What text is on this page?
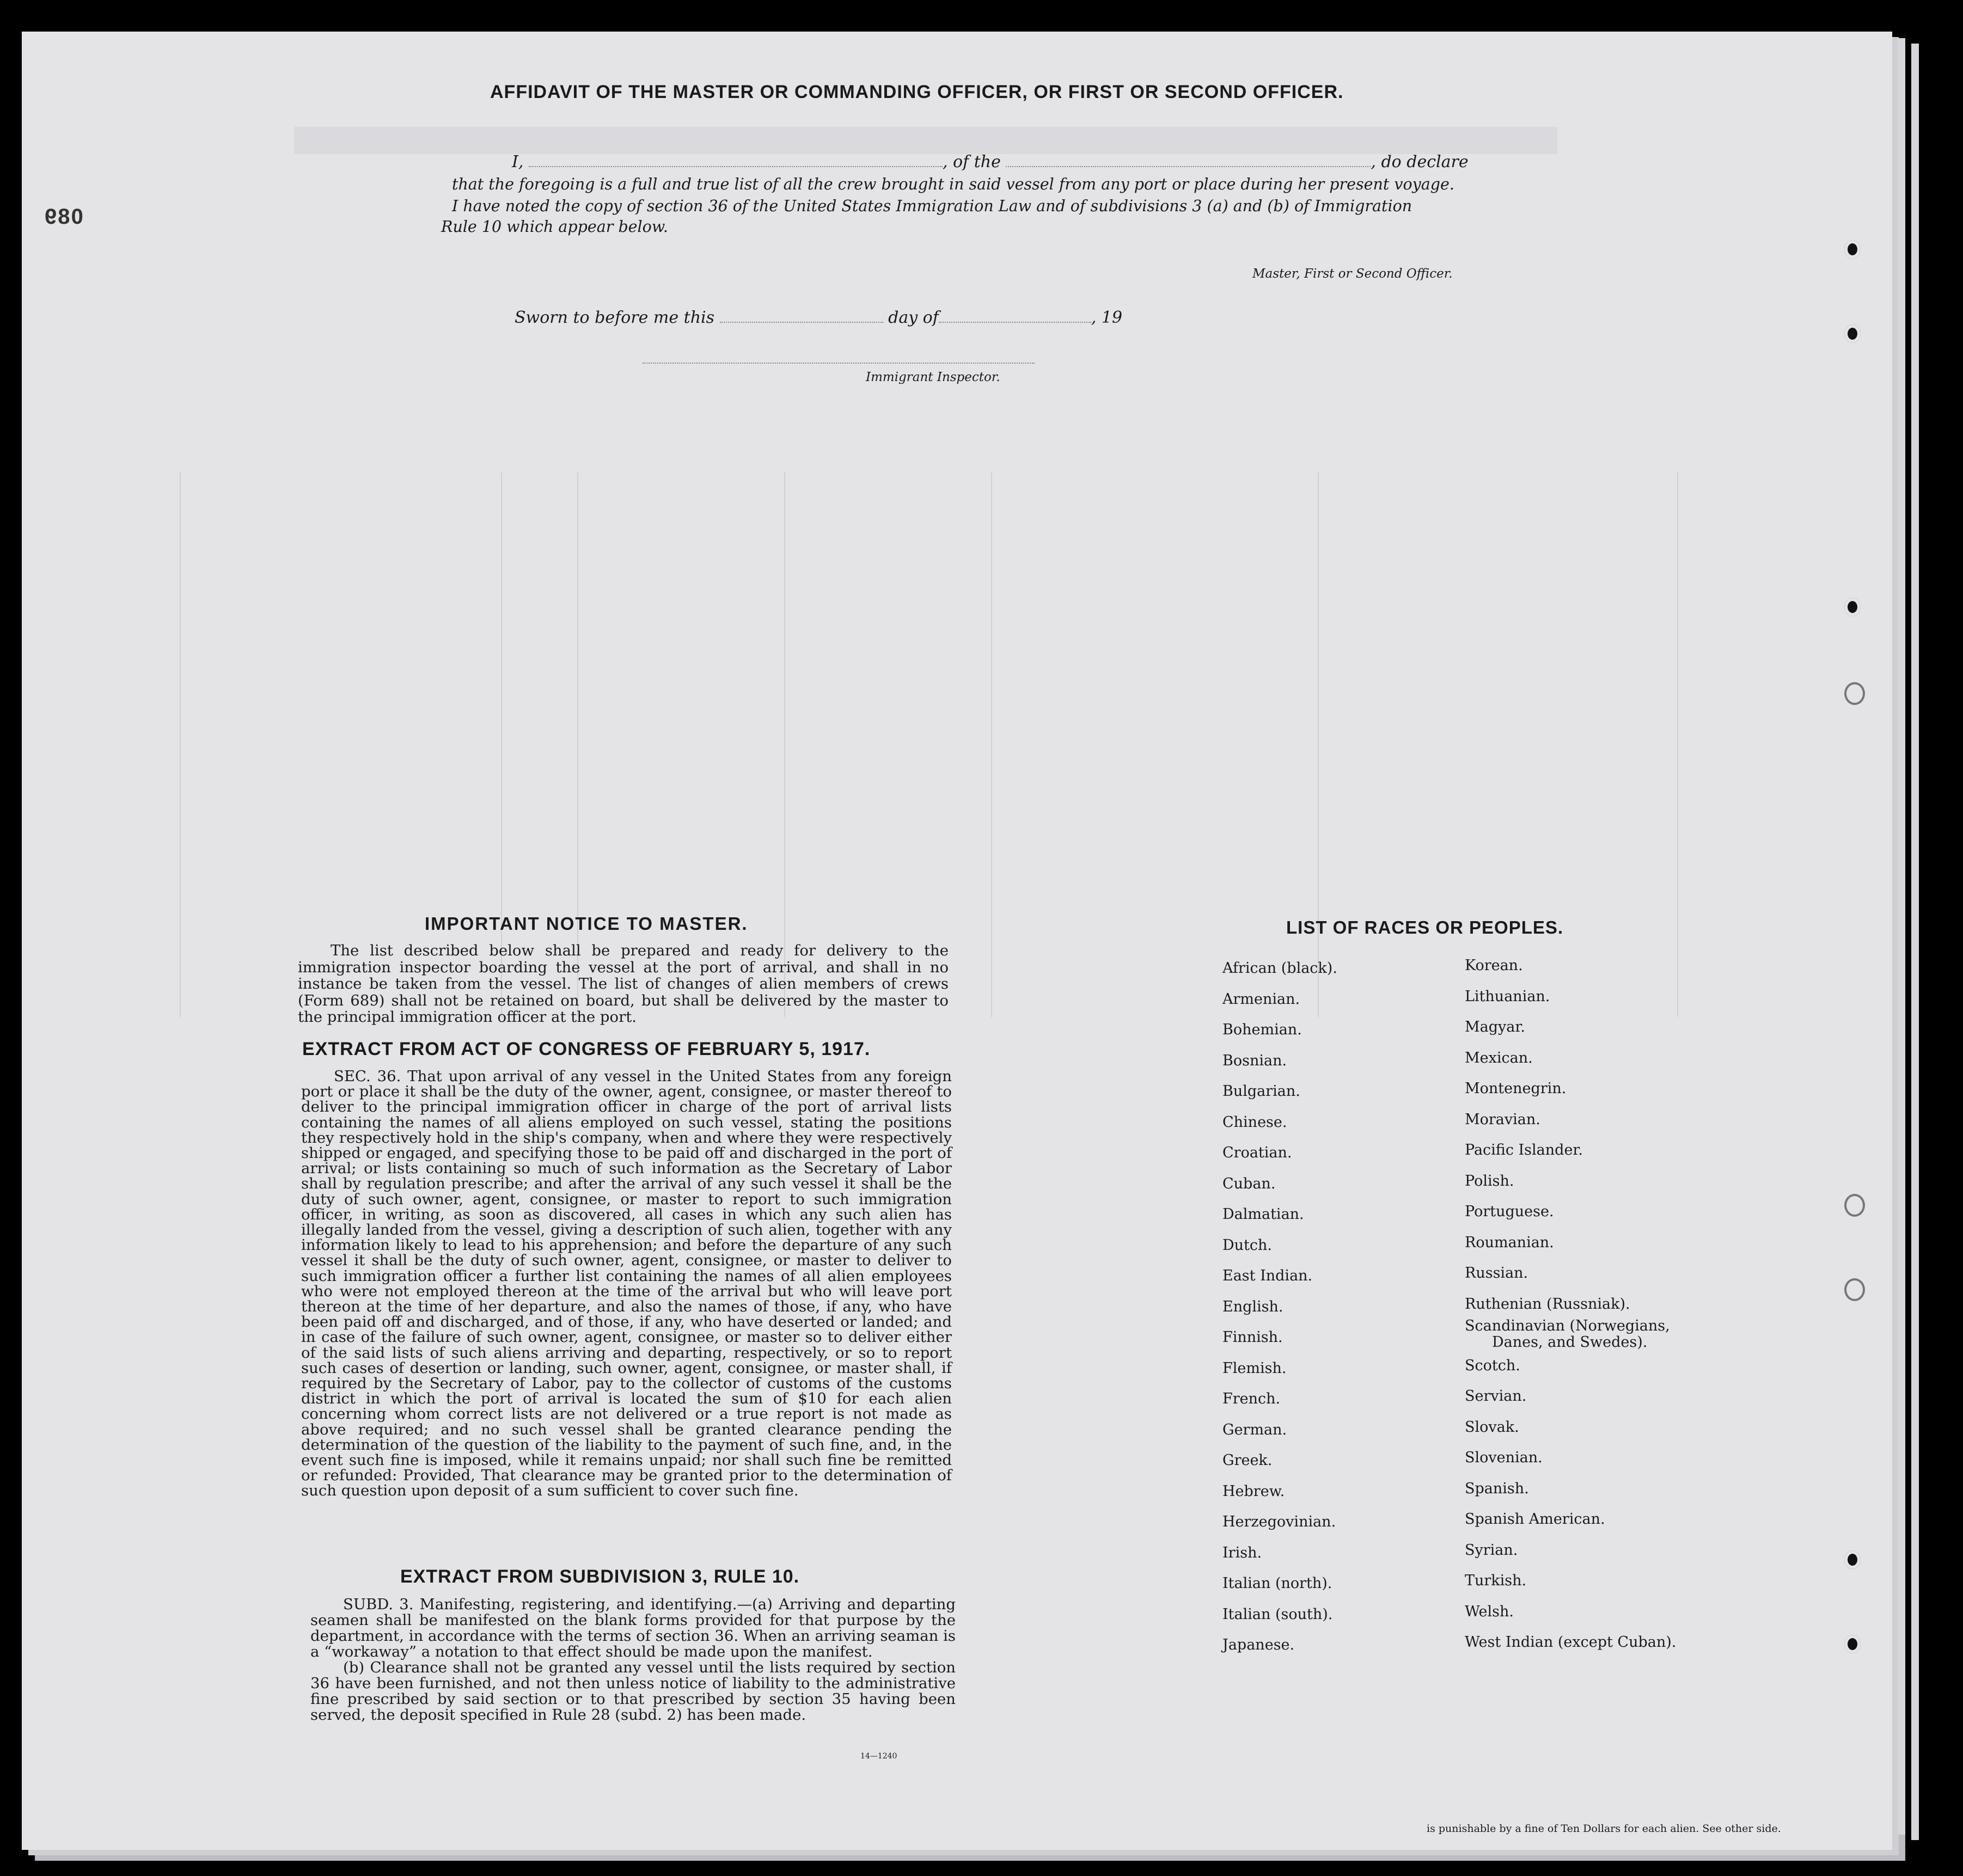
089
AFFIDAVIT OF THE MASTER OR COMMANDING OFFICER, OR FIRST OR SECOND OFFICER.
I,	, of the	, do declare
that the foregoing is a full and true list of all the crew brought in said vessel from any port or place during her present voyage.
I have noted the copy of section 36 of the United States Immigration Law and of subdivisions 3 (a) and (b) of Immigration
Rule 10 which appear below.
Master, First or Second Officer.
Sworn to before me this	day of	, 19
Immigrant Inspector.
IMPORTANT NOTICE TO MASTER.

The list described below shall be prepared and ready for delivery to the immigration inspector boarding the vessel at the port of arrival, and shall in no instance be taken from the vessel. The list of changes of alien members of crews (Form 689) shall not be retained on board, but shall be delivered by the master to the principal immigration officer at the port.

EXTRACT FROM ACT OF CONGRESS OF FEBRUARY 5, 1917.

SEC. 36. That upon arrival of any vessel in the United States from any foreign port or place it shall be the duty of the owner, agent, consignee, or master thereof to deliver to the principal immigration officer in charge of the port of arrival lists containing the names of all aliens employed on such vessel, stating the positions they respectively hold in the ship's company, when and where they were respectively shipped or engaged, and specifying those to be paid off and discharged in the port of arrival; or lists containing so much of such information as the Secretary of Labor shall by regulation prescribe; and after the arrival of any such vessel it shall be the duty of such owner, agent, consignee, or master to report to such immigration officer, in writing, as soon as discovered, all cases in which any such alien has illegally landed from the vessel, giving a description of such alien, together with any information likely to lead to his apprehension; and before the departure of any such vessel it shall be the duty of such owner, agent, consignee, or master to deliver to such immigration officer a further list containing the names of all alien employees who were not employed thereon at the time of the arrival but who will leave port thereon at the time of her departure, and also the names of those, if any, who have been paid off and discharged, and of those, if any, who have deserted or landed; and in case of the failure of such owner, agent, consignee, or master so to deliver either of the said lists of such aliens arriving and departing, respectively, or so to report such cases of desertion or landing, such owner, agent, consignee, or master shall, if required by the Secretary of Labor, pay to the collector of customs of the customs district in which the port of arrival is located the sum of $10 for each alien concerning whom correct lists are not delivered or a true report is not made as above required; and no such vessel shall be granted clearance pending the determination of the question of the liability to the payment of such fine, and, in the event such fine is imposed, while it remains unpaid; nor shall such fine be remitted or refunded: Provided, That clearance may be granted prior to the determination of such question upon deposit of a sum sufficient to cover such fine.

EXTRACT FROM SUBDIVISION 3, RULE 10.

SUBD. 3. Manifesting, registering, and identifying.—(a) Arriving and departing seamen shall be manifested on the blank forms provided for that purpose by the department, in accordance with the terms of section 36. When an arriving seaman is a “workaway” a notation to that effect should be made upon the manifest.

(b) Clearance shall not be granted any vessel until the lists required by section 36 have been furnished, and not then unless notice of liability to the administrative fine prescribed by said section or to that prescribed by section 35 having been served, the deposit specified in Rule 28 (subd. 2) has been made.

14—1240
LIST OF RACES OR PEOPLES.
African (black).
Armenian.
Bohemian.
Bosnian.
Bulgarian.
Chinese.
Croatian.
Cuban.
Dalmatian.
Dutch.
East Indian.
English.
Finnish.
Flemish.
French.
German.
Greek.
Hebrew.
Herzegovinian.
Irish.
Italian (north).
Italian (south).
Japanese.
Korean.
Lithuanian.
Magyar.
Mexican.
Montenegrin.
Moravian.
Pacific Islander.
Polish.
Portuguese.
Roumanian.
Russian.
Ruthenian (Russniak).
Scandinavian (Norwegians,
Danes, and Swedes).
Scotch.
Servian.
Slovak.
Slovenian.
Spanish.
Spanish American.
Syrian.
Turkish.
Welsh.
West Indian (except Cuban).
is punishable by a fine of Ten Dollars for each alien. See other side.
